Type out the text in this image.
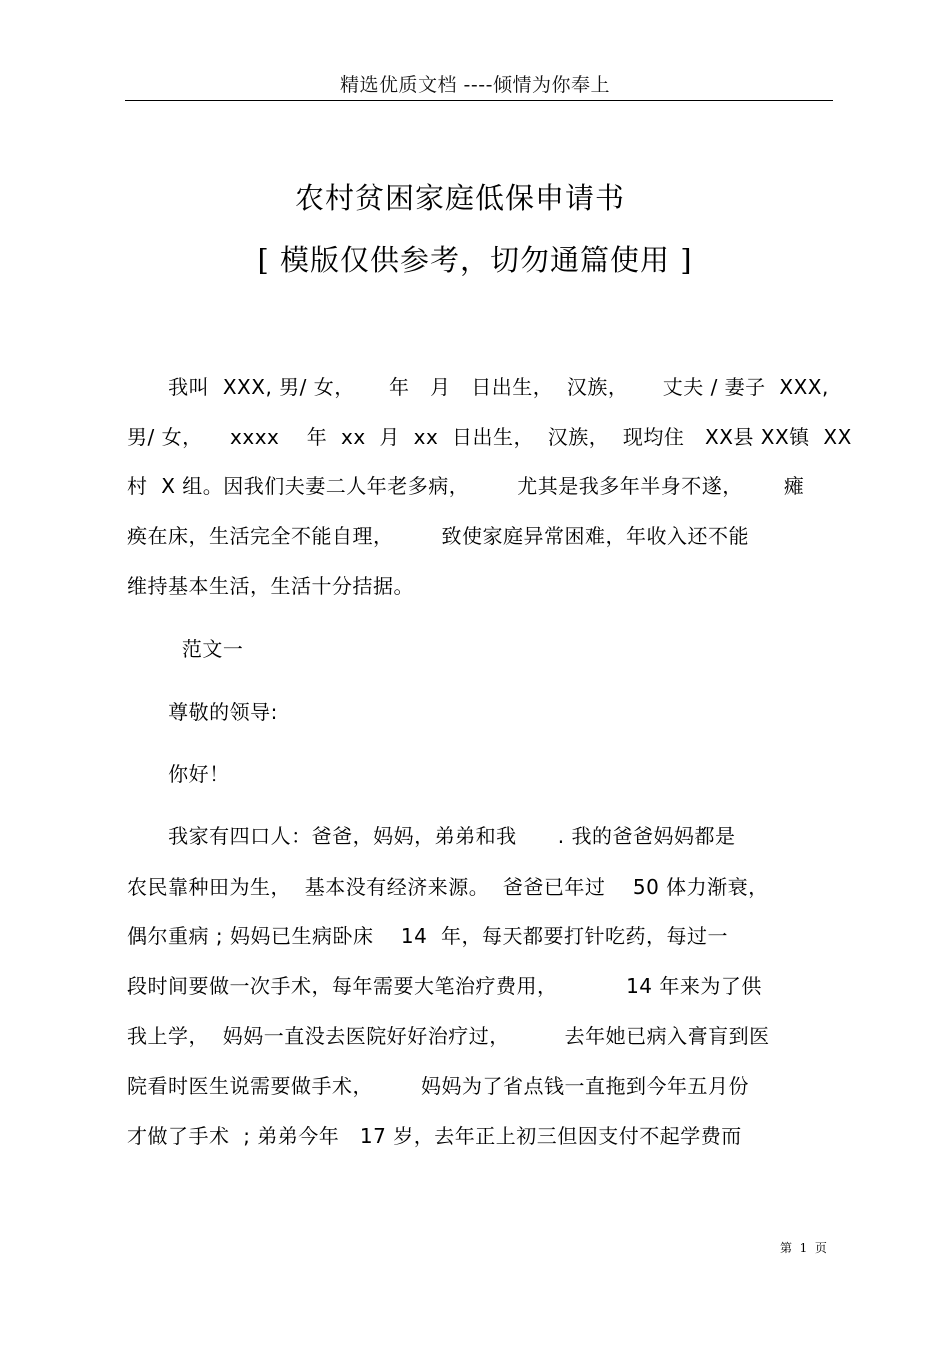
精选优质文档 ----倾情为你奉上
农村贫困家庭低保申请书
[ 模版仅供参考，切勿通篇使用 ]
我叫  XXX, 男/ 女，     年   月   日出生，  汉族，     丈夫 / 妻子  XXX,
男/ 女，    xxxx    年  xx  月  xx  日出生，  汉族，  现均住   XX县 XX镇  XX
村  X 组。因我们夫妻二人年老多病，       尤其是我多年半身不遂，      瘫
痪在床，生活完全不能自理，       致使家庭异常困难，年收入还不能
维持基本生活，生活十分拮据。
范文一
尊敬的领导:
你好！
我家有四口人：爸爸，妈妈，弟弟和我      . 我的爸爸妈妈都是
农民靠种田为生，  基本没有经济来源。  爸爸已年过    50 体力渐衰，
偶尔重病 ; 妈妈已生病卧床    14  年，每天都要打针吃药，每过一
段时间要做一次手术，每年需要大笔治疗费用，          14 年来为了供
我上学，  妈妈一直没去医院好好治疗过，        去年她已病入膏肓到医
院看时医生说需要做手术，       妈妈为了省点钱一直拖到今年五月份
才做了手术  ; 弟弟今年   17 岁，去年正上初三但因支付不起学费而
第  1  页
